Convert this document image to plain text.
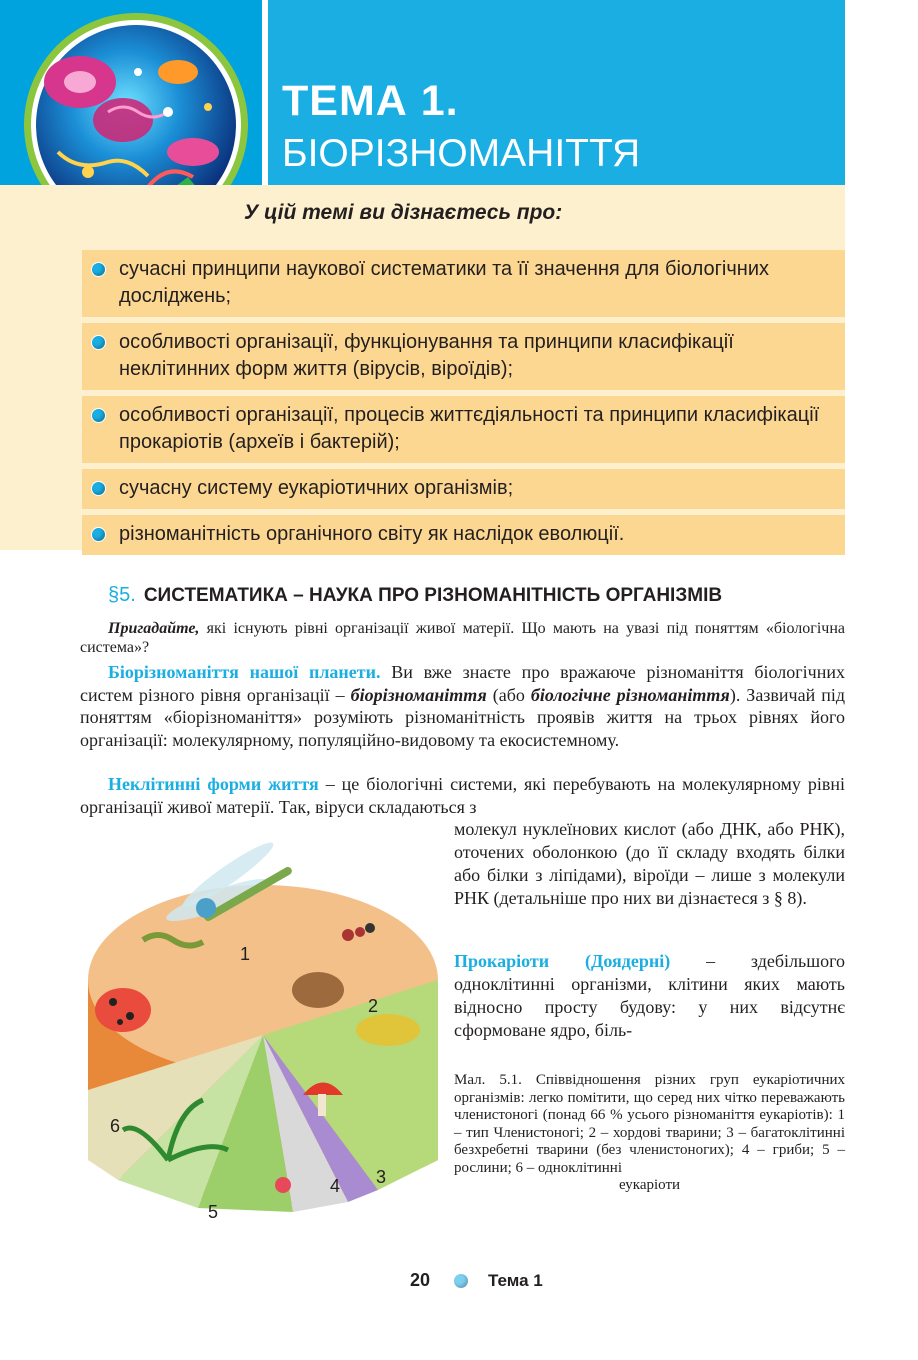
ТЕМА 1.
БІОРІЗНОМАНІТТЯ
У цій темі ви дізнаєтесь про:
сучасні принципи наукової систематики та її значення для біологічних досліджень;
особливості організації, функціонування та принципи класифікації неклітинних форм життя (вірусів, віроїдів);
особливості організації, процесів життєдіяльності та принципи класифікації прокаріотів (археїв і бактерій);
сучасну систему еукаріотичних організмів;
різноманітність органічного світу як наслідок еволюції.
§5. СИСТЕМАТИКА – НАУКА ПРО РІЗНОМАНІТНІСТЬ ОРГАНІЗМІВ

Пригадайте, які існують рівні організації живої матерії. Що мають на увазі під поняттям «біологічна система»?

Біорізноманіття нашої планети. Ви вже знаєте про вражаюче різноманіття біологічних систем різного рівня організації – біорізноманіття (або біологічне різноманіття). Зазвичай під поняттям «біорізноманіття» розуміють різноманітність проявів життя на трьох рівнях його організації: молекулярному, популяційно-видовому та екосистемному.

Неклітинні форми життя – це біологічні системи, які перебувають на молекулярному рівні організації живої матерії. Так, віруси складаються з

молекул нуклеїнових кислот (або ДНК, або РНК), оточених оболонкою (до її складу входять білки або білки з ліпідами), віроїди – лише з молекули РНК (детальніше про них ви дізнаєтеся з § 8).

Прокаріоти (Доядерні) – здебільшого одноклітинні організми, клітини яких мають відносно просту будову: у них відсутнє сформоване ядро, біль-

1
2
3
4
5
6

Мал. 5.1. Співвідношення різних груп еукаріотичних організмів: легко помітити, що серед них чітко переважають членистоногі (понад 66 % усього різноманіття еукаріотів): 1 – тип Членистоногі; 2 – хордові тварини; 3 – багатоклітинні безхребетні тварини (без членистоногих); 4 – гриби; 5 – рослини; 6 – одноклітинні
еукаріоти

20	Тема 1
